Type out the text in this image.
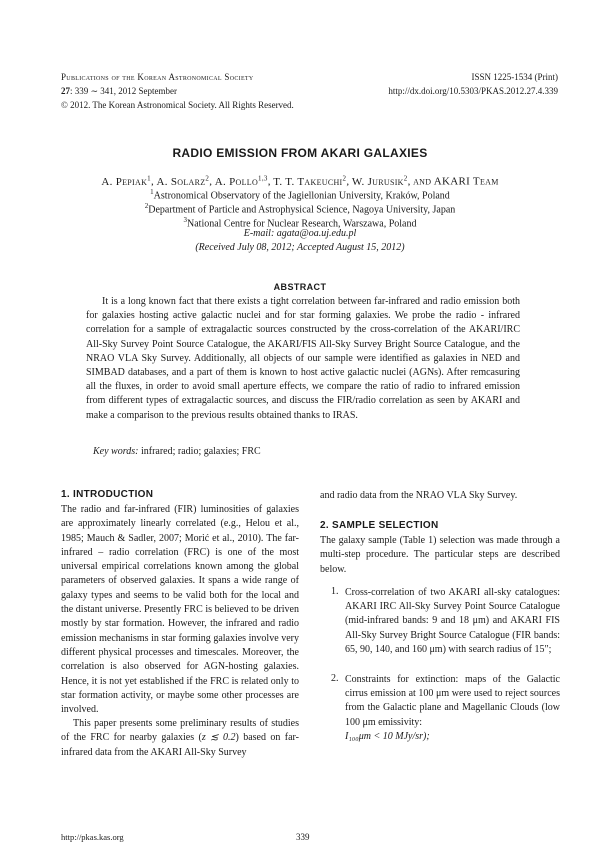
Publications of the Korean Astronomical Society
27: 339 ∼ 341, 2012 September
© 2012. The Korean Astronomical Society. All Rights Reserved.
ISSN 1225-1534 (Print)
http://dx.doi.org/10.5303/PKAS.2012.27.4.339
RADIO EMISSION FROM AKARI GALAXIES
A. Pepiak$^1$, A. Solarz$^2$, A. Pollo$^{1,3}$, T. T. Takeuchi$^2$, W. Jurusik$^2$, and AKARI Team
$^1$Astronomical Observatory of the Jagiellonian University, Kraków, Poland
$^2$Department of Particle and Astrophysical Science, Nagoya University, Japan
$^3$National Centre for Nuclear Research, Warszawa, Poland
E-mail: agata@oa.uj.edu.pl
(Received July 08, 2012; Accepted August 15, 2012)
ABSTRACT
It is a long known fact that there exists a tight correlation between far-infrared and radio emission both for galaxies hosting active galactic nuclei and for star forming galaxies. We probe the radio - infrared correlation for a sample of extragalactic sources constructed by the cross-correlation of the AKARI/IRC All-Sky Survey Point Source Catalogue, the AKARI/FIS All-Sky Survey Bright Source Catalogue, and the NRAO VLA Sky Survey. Additionally, all objects of our sample were identified as galaxies in NED and SIMBAD databases, and a part of them is known to host active galactic nuclei (AGNs). After remcasuring all the fluxes, in order to avoid small aperture effects, we compare the ratio of radio to infrared emission from different types of extragalactic sources, and discuss the FIR/radio correlation as seen by AKARI and make a comparison to the previous results obtained thanks to IRAS.
Key words: infrared; radio; galaxies; FRC
1. INTRODUCTION
The radio and far-infrared (FIR) luminosities of galaxies are approximately linearly correlated (e.g., Helou et al., 1985; Mauch & Sadler, 2007; Morić et al., 2010). The far-infrared – radio correlation (FRC) is one of the most universal empirical correlations known among the global parameters of observed galaxies. It spans a wide range of galaxy types and seems to be valid both for the local and the distant universe. Presently FRC is believed to be driven mostly by star formation. However, the infrared and radio emission mechanisms in star forming galaxies involve very different physical processes and timescales. Moreover, the correlation is also observed for AGN-hosting galaxies. Hence, it is not yet established if the FRC is related only to star formation activity, or maybe some other processes are involved.
This paper presents some preliminary results of studies of the FRC for nearby galaxies (z ≲ 0.2) based on far-infrared data from the AKARI All-Sky Survey
and radio data from the NRAO VLA Sky Survey.
2. SAMPLE SELECTION
The galaxy sample (Table 1) selection was made through a multi-step procedure. The particular steps are described below.
1. Cross-correlation of two AKARI all-sky catalogues: AKARI IRC All-Sky Survey Point Source Catalogue (mid-infrared bands: 9 and 18 μm) and AKARI FIS All-Sky Survey Bright Source Catalogue (FIR bands: 65, 90, 140, and 160 μm) with search radius of 15″;
2. Constraints for extinction: maps of the Galactic cirrus emission at 100 μm were used to reject sources from the Galactic plane and Magellanic Clouds (low 100 μm emissivity:
I₁₀₀μm < 10 MJy/sr);
http://pkas.kas.org	339
